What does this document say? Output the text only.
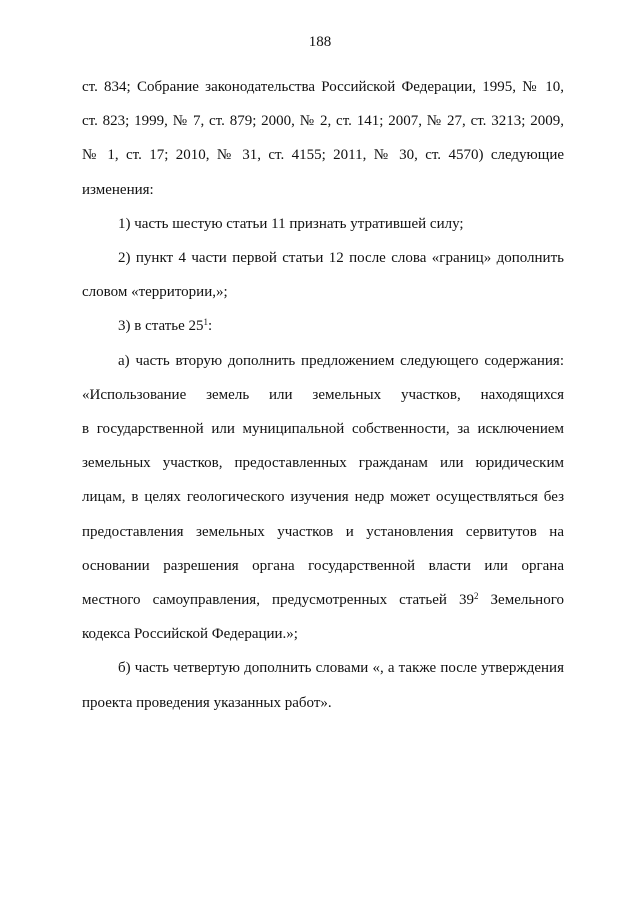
188
ст. 834; Собрание законодательства Российской Федерации, 1995, № 10,
ст. 823; 1999, № 7, ст. 879; 2000, № 2, ст. 141; 2007, № 27, ст. 3213; 2009,
№ 1, ст. 17; 2010, № 31, ст. 4155; 2011, № 30, ст. 4570) следующие
изменения:
1) часть шестую статьи 11 признать утратившей силу;
2) пункт 4 части первой статьи 12 после слова «границ» дополнить
словом «территории,»;
3) в статье $25^1$:
а) часть вторую дополнить предложением следующего содержания:
«Использование земель или земельных участков, находящихся
в государственной или муниципальной собственности, за исключением
земельных участков, предоставленных гражданам или юридическим
лицам, в целях геологического изучения недр может осуществляться без
предоставления земельных участков и установления сервитутов на
основании разрешения органа государственной власти или органа
местного самоуправления, предусмотренных статьей $39^2$ Земельного
кодекса Российской Федерации.»;
б) часть четвертую дополнить словами «, а также после утверждения
проекта проведения указанных работ».
